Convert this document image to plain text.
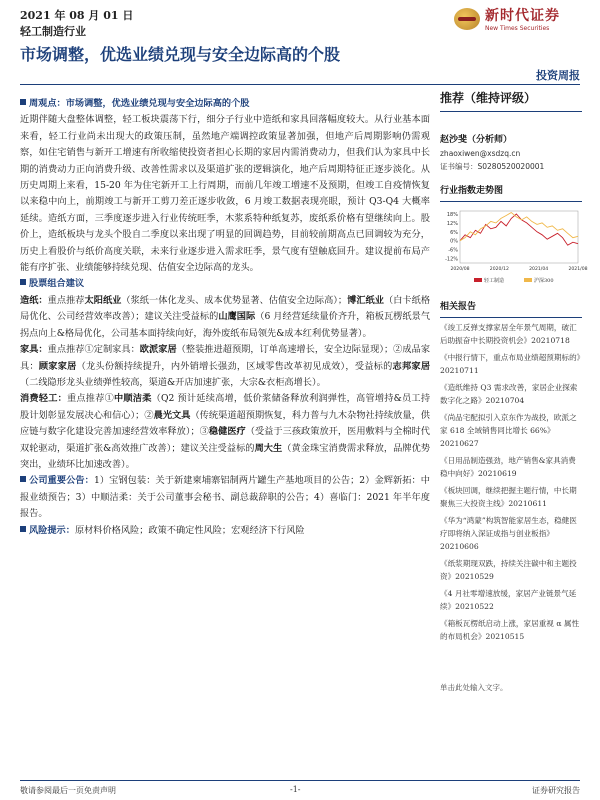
2021 年 08 月 01 日
轻工制造行业
新时代证券
New Times Securities
市场调整，优选业绩兑现与安全边际高的个股
投资周报

周观点：市场调整，优选业绩兑现与安全边际高的个股

近期伴随大盘整体调整，轻工板块震荡下行，细分子行业中造纸和家具回落幅度较大。从行业基本面来看，轻工行业尚未出现大的政策压制，虽然地产端调控政策显著加强，但地产后周期影响仍需观察，如住宅销售与新开工增速有所收缩使投资者担心长期的家居内需消费动力，但我们认为家具中长期的消费动力正向消费升级、改善性需求以及渠道扩张的逻辑演化，地产后周期特征正逐步淡化。从历史周期上来看，15-20 年为住宅新开工上行周期，而前几年竣工增速不及预期，但竣工自疫情恢复以来稳中向上，前期竣工与新开工剪刀差正逐步收敛，6 月竣工数据表现亮眼，预计 Q3-Q4 大概率延续。造纸方面，三季度逐步进入行业传统旺季，木浆系特种纸复苏，废纸系价格有望继续向上。股价上，造纸板块与龙头个股自二季度以来出现了明显的回调趋势，目前较前期高点已回调较为充分，历史上看股价与纸价高度关联，未来行业逐步进入需求旺季，景气度有望触底回升。建议提前布局产能有序扩张、业绩能够持续兑现、估值安全边际高的龙头。

股票组合建议

造纸：重点推荐太阳纸业（浆纸一体化龙头、成本优势显著、估值安全边际高）；博汇纸业（白卡纸格局优化、公司经营效率改善）；建议关注受益标的山鹰国际（6 月经营延续量价齐升，箱板瓦楞纸景气拐点向上&格局优化，公司基本面持续向好，海外废纸布局领先&成本红利优势显著）。

家具：重点推荐①定制家具：欧派家居（整装推进超预期，订单高速增长，安全边际显现）；②成品家具：顾家家居（龙头份额持续提升，内外销增长强劲，区域零售改革初见成效），受益标的志邦家居（二线隐形龙头业绩弹性较高，渠道&开店加速扩张，大宗&衣柜高增长）。

消费轻工：重点推荐①中顺洁柔（Q2 预计延续高增，低价浆储备释放利润弹性，高管增持&员工持股计划彰显发展决心和信心）；②晨光文具（传统渠道超预期恢复，科力普与九木杂物社持续放量，供应链与数字化建设完善加速经营效率释放）；③稳健医疗（受益于三孩政策放开，医用敷料与全棉时代双轮驱动，渠道扩张&高效推广改善）；建议关注受益标的周大生（黄金珠宝消费需求释放，品牌优势突出，业绩环比加速改善）。

公司重要公告：1）宝钢包装：关于新建柬埔寨铝制两片罐生产基地项目的公告；2）金辉新拓：中报业绩预告；3）中顺洁柔：关于公司董事会秘书、副总裁辞职的公告；4）喜临门：2021 年半年度报告。

风险提示：原材料价格风险；政策不确定性风险；宏观经济下行风险

推荐（维持评级）
赵沙斐（分析师）
zhaoxiwen@xsdzq.cn
证书编号：S0280520020001
行业指数走势图
18%
12%
6%
0%
-6%
-12%
2020/08	2020/12	2021/04	2021/08
轻工制造	沪深300
相关报告
《竣工反弹支撑家居全年景气周期，破汇后助振奋中长期投资机会》20210718
《中报行情下，重点布局业绩超预期标的》20210711
《造纸维持 Q3 需求改善，家居企业探索数字化之路》20210704
《尚品宅配拟引入京东作为战投，欧派之家 618 全域销售同比增长 66%》20210627
《日用品制造强劲，地产销售&家具消费稳中向好》20210619
《板块回调，继续把握主题行情，中长期聚焦三大投资主线》20210611
《华为“鸿蒙”构筑智能家居生态，稳健医疗即将纳入深证成指与创业板指》20210606
《纸浆期现双跌，持续关注碳中和主题投资》20210529
《4 月社零增速放缓，家居产业链景气延续》20210522
《箱板瓦楞纸启动上涨，家居重视 α 属性的布局机会》20210515
单击此处输入文字。
敬请参阅最后一页免责声明	-1-	证券研究报告
